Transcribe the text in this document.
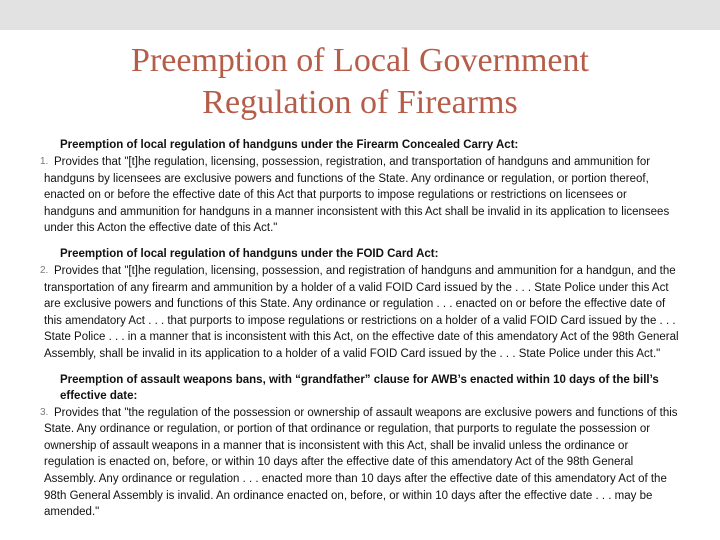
Preemption of Local Government
Regulation of Firearms
Preemption of local regulation of handguns under the Firearm Concealed Carry Act:
1. Provides that "[t]he regulation, licensing, possession, registration, and transportation of handguns and ammunition for handguns by licensees are exclusive powers and functions of the State. Any ordinance or regulation, or portion thereof, enacted on or before the effective date of this Act that purports to impose regulations or restrictions on licensees or handguns and ammunition for handguns in a manner inconsistent with this Act shall be invalid in its application to licensees under this Acton the effective date of this Act."
Preemption of local regulation of handguns under the FOID Card Act:
2. Provides that "[t]he regulation, licensing, possession, and registration of handguns and ammunition for a handgun, and the transportation of any firearm and ammunition by a holder of a valid FOID Card issued by the . . . State Police under this Act are exclusive powers and functions of this State. Any ordinance or regulation . . . enacted on or before the effective date of this amendatory Act . . . that purports to impose regulations or restrictions on a holder of a valid FOID Card issued by the . . . State Police . . . in a manner that is inconsistent with this Act, on the effective date of this amendatory Act of the 98th General Assembly, shall be invalid in its application to a holder of a valid FOID Card issued by the . . . State Police under this Act."
Preemption of assault weapons bans, with “grandfather” clause for AWB’s enacted within 10 days of the bill’s effective date:
3. Provides that "the regulation of the possession or ownership of assault weapons are exclusive powers and functions of this State. Any ordinance or regulation, or portion of that ordinance or regulation, that purports to regulate the possession or ownership of assault weapons in a manner that is inconsistent with this Act, shall be invalid unless the ordinance or regulation is enacted on, before, or within 10 days after the effective date of this amendatory Act of the 98th General Assembly. Any ordinance or regulation . . . enacted more than 10 days after the effective date of this amendatory Act of the 98th General Assembly is invalid. An ordinance enacted on, before, or within 10 days after the effective date . . . may be amended."
